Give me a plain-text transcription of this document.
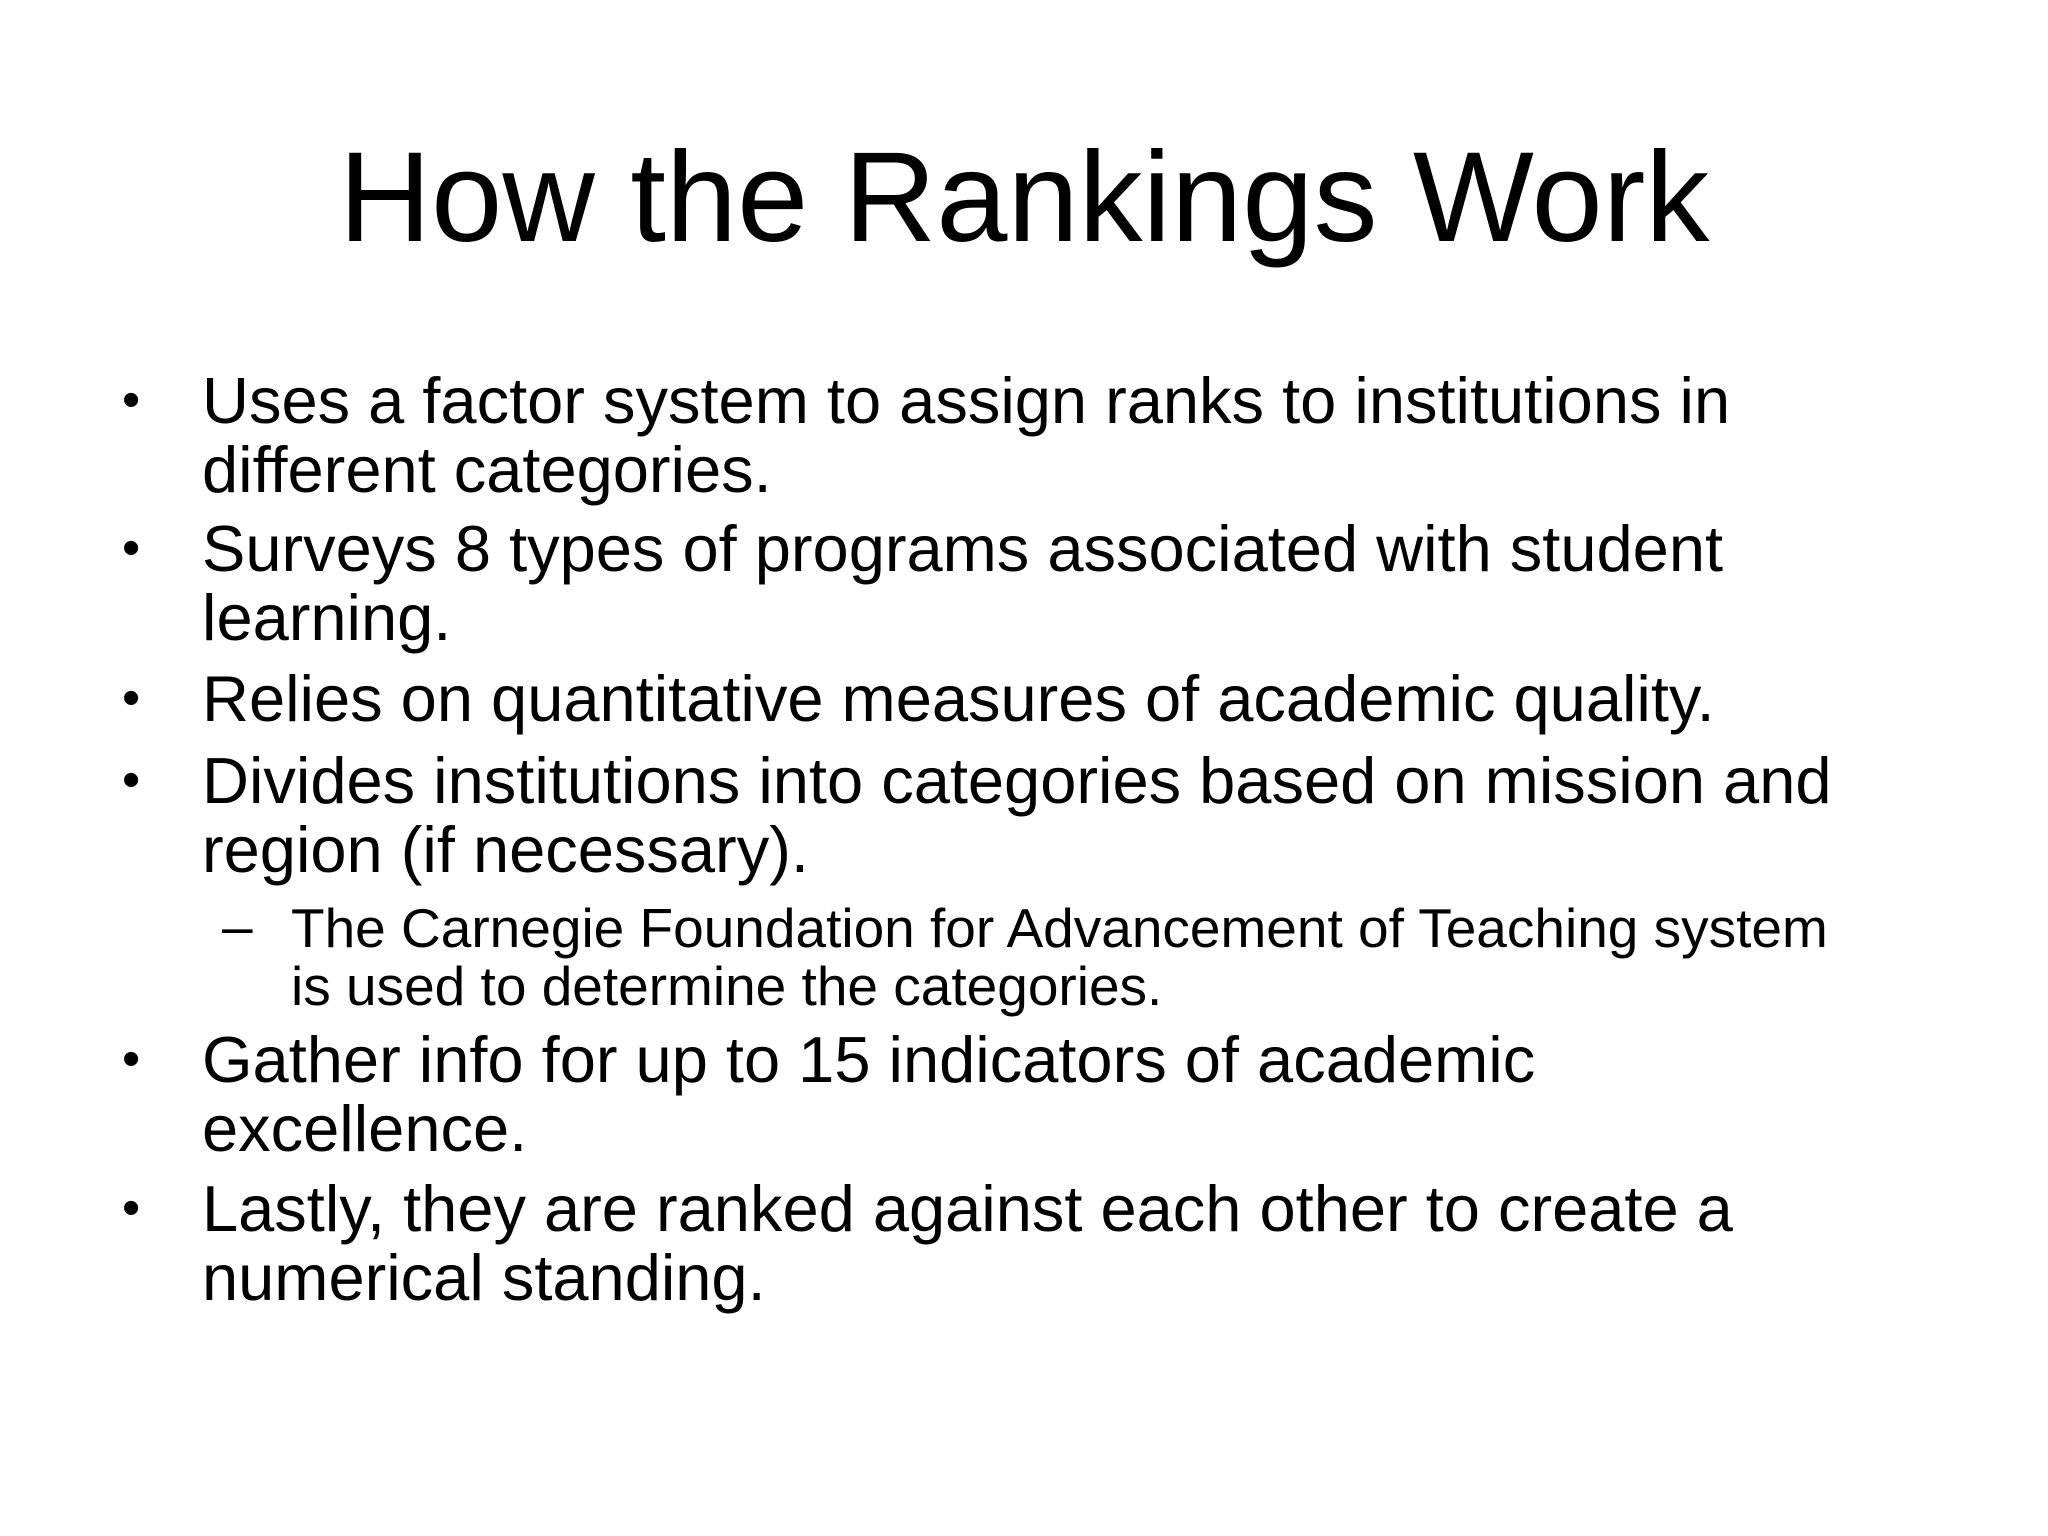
How the Rankings Work
• Uses a factor system to assign ranks to institutions in
different categories.
• Surveys 8 types of programs associated with student
learning.
• Relies on quantitative measures of academic quality.
• Divides institutions into categories based on mission and
region (if necessary).
– The Carnegie Foundation for Advancement of Teaching system
is used to determine the categories.
• Gather info for up to 15 indicators of academic
excellence.
• Lastly, they are ranked against each other to create a
numerical standing.
